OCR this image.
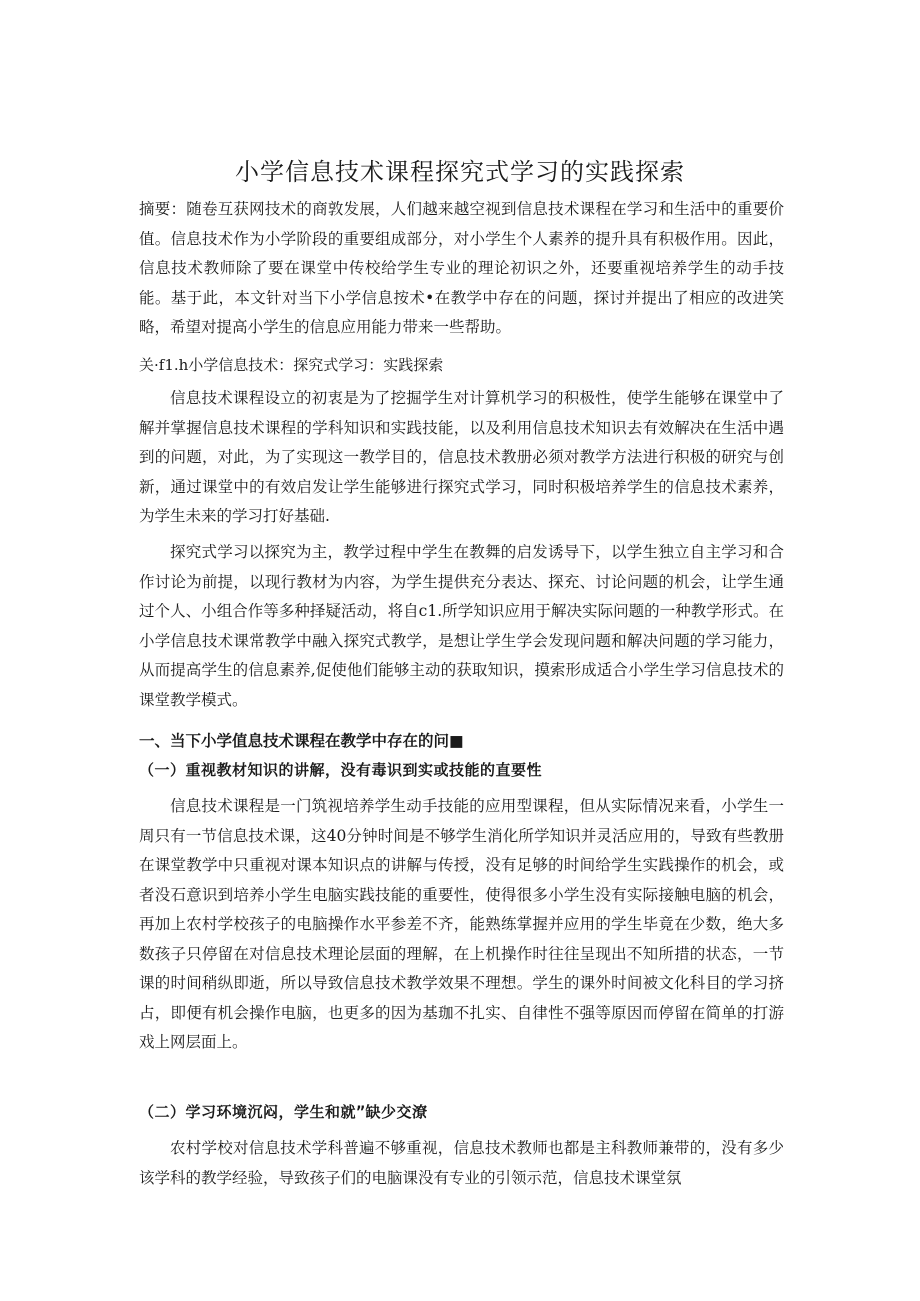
小学信息技术课程探究式学习的实践探索

摘要：随卷互获网技术的商敦发展，人们越来越空视到信息技术课程在学习和生活中的重要价值。信息技术作为小学阶段的重要组成部分，对小学生个人素养的提升具有积极作用。因此，信息技术教师除了要在课堂中传校给学生专业的理论初识之外，还要重视培养学生的动手技能。基于此，本文针对当下小学信息按术•在教学中存在的问题，探讨并提出了相应的改进笑略，希望对提高小学生的信息应用能力带来一些帮助。

关·f1.h小学信息技术：探究式学习：实践探索

信息技术课程设立的初衷是为了挖掘学生对计算机学习的积极性，使学生能够在课堂中了解并掌握信息技术课程的学科知识和实践技能，以及利用信息技术知识去有效解决在生活中遇到的问题，对此，为了实现这一教学目的，信息技术教册必须对教学方法进行积极的研究与创新，通过课堂中的有效启发让学生能够进行探究式学习，同时积极培养学生的信息技术素养，为学生未来的学习打好基础.

探究式学习以探究为主，教学过程中学生在教舞的启发诱导下，以学生独立自主学习和合作讨论为前提，以现行教材为内容，为学生提供充分表达、探充、讨论问题的机会，让学生通过个人、小组合作等多种择疑活动，将自c1.所学知识应用于解决实际问题的一种教学形式。在小学信息技术课常教学中融入探究式教学，是想让学生学会发现问题和解决问题的学习能力，从而提高学生的信息素养,促使他们能够主动的获取知识，摸索形成适合小学生学习信息技术的课堂教学模式。

一、当下小学值息技术课程在教学中存在的问■
（一）重视教材知识的讲解，没有毒识到实或技能的直要性

信息技术课程是一门筑视培养学生动手技能的应用型课程，但从实际情况来看，小学生一周只有一节信息技术课，这40分钟时间是不够学生消化所学知识并灵活应用的，导致有些教册在课堂教学中只重视对课本知识点的讲解与传授，没有足够的时间给学生实践操作的机会，或者没石意识到培养小学生电脑实践技能的重要性，使得很多小学生没有实际接触电脑的机会，再加上农村学校孩子的电脑操作水平参差不齐，能熟练掌握并应用的学生毕竟在少数，绝大多数孩子只停留在对信息技术理论层面的理解，在上机操作时往往呈现出不知所措的状态，一节课的时间稍纵即逝，所以导致信息技术教学效果不理想。学生的课外时间被文化科目的学习挤占，即便有机会操作电脑，也更多的因为基珈不扎实、自律性不强等原因而停留在简单的打游戏上网层面上。

（二）学习环境沉闷，学生和就”缺少交潦

农村学校对信息技术学科普遍不够重视，信息技术教师也都是主科教师兼带的，没有多少该学科的教学经验，导致孩子们的电脑课没有专业的引领示范，信息技术课堂氛
